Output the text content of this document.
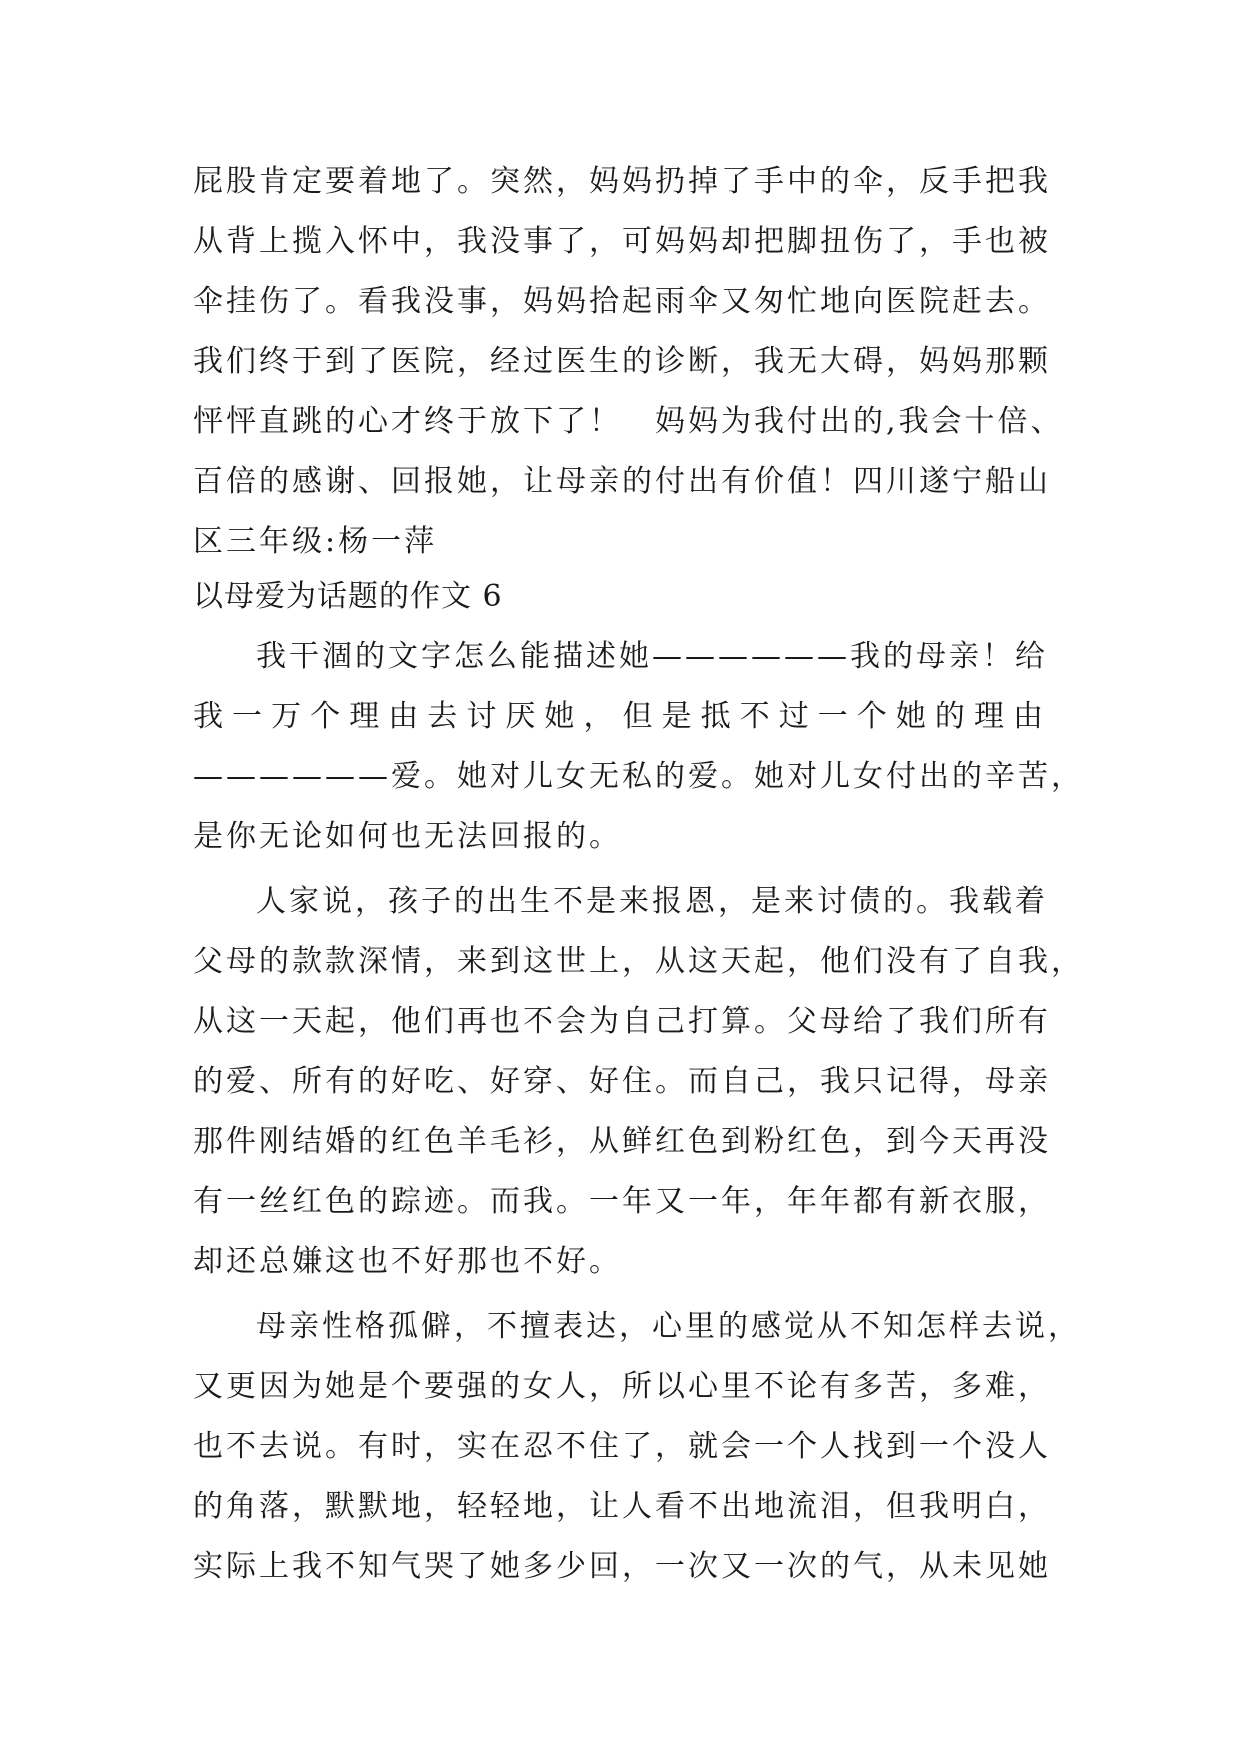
屁股肯定要着地了。突然，妈妈扔掉了手中的伞，反手把我
从背上揽入怀中，我没事了，可妈妈却把脚扭伤了，手也被
伞挂伤了。看我没事，妈妈拾起雨伞又匆忙地向医院赶去。
我们终于到了医院，经过医生的诊断，我无大碍，妈妈那颗
怦怦直跳的心才终于放下了！　妈妈为我付出的,我会十倍、
百倍的感谢、回报她，让母亲的付出有价值！四川遂宁船山
区三年级:杨一萍
以母爱为话题的作文 6
我干涸的文字怎么能描述她——————我的母亲！给
我一万个理由去讨厌她，但是抵不过一个她的理由
——————爱。她对儿女无私的爱。她对儿女付出的辛苦，
是你无论如何也无法回报的。
人家说，孩子的出生不是来报恩，是来讨债的。我载着
父母的款款深情，来到这世上，从这天起，他们没有了自我，
从这一天起，他们再也不会为自己打算。父母给了我们所有
的爱、所有的好吃、好穿、好住。而自己，我只记得，母亲
那件刚结婚的红色羊毛衫，从鲜红色到粉红色，到今天再没
有一丝红色的踪迹。而我。一年又一年，年年都有新衣服，
却还总嫌这也不好那也不好。
母亲性格孤僻，不擅表达，心里的感觉从不知怎样去说，
又更因为她是个要强的女人，所以心里不论有多苦，多难，
也不去说。有时，实在忍不住了，就会一个人找到一个没人
的角落，默默地，轻轻地，让人看不出地流泪，但我明白，
实际上我不知气哭了她多少回，一次又一次的气，从未见她
